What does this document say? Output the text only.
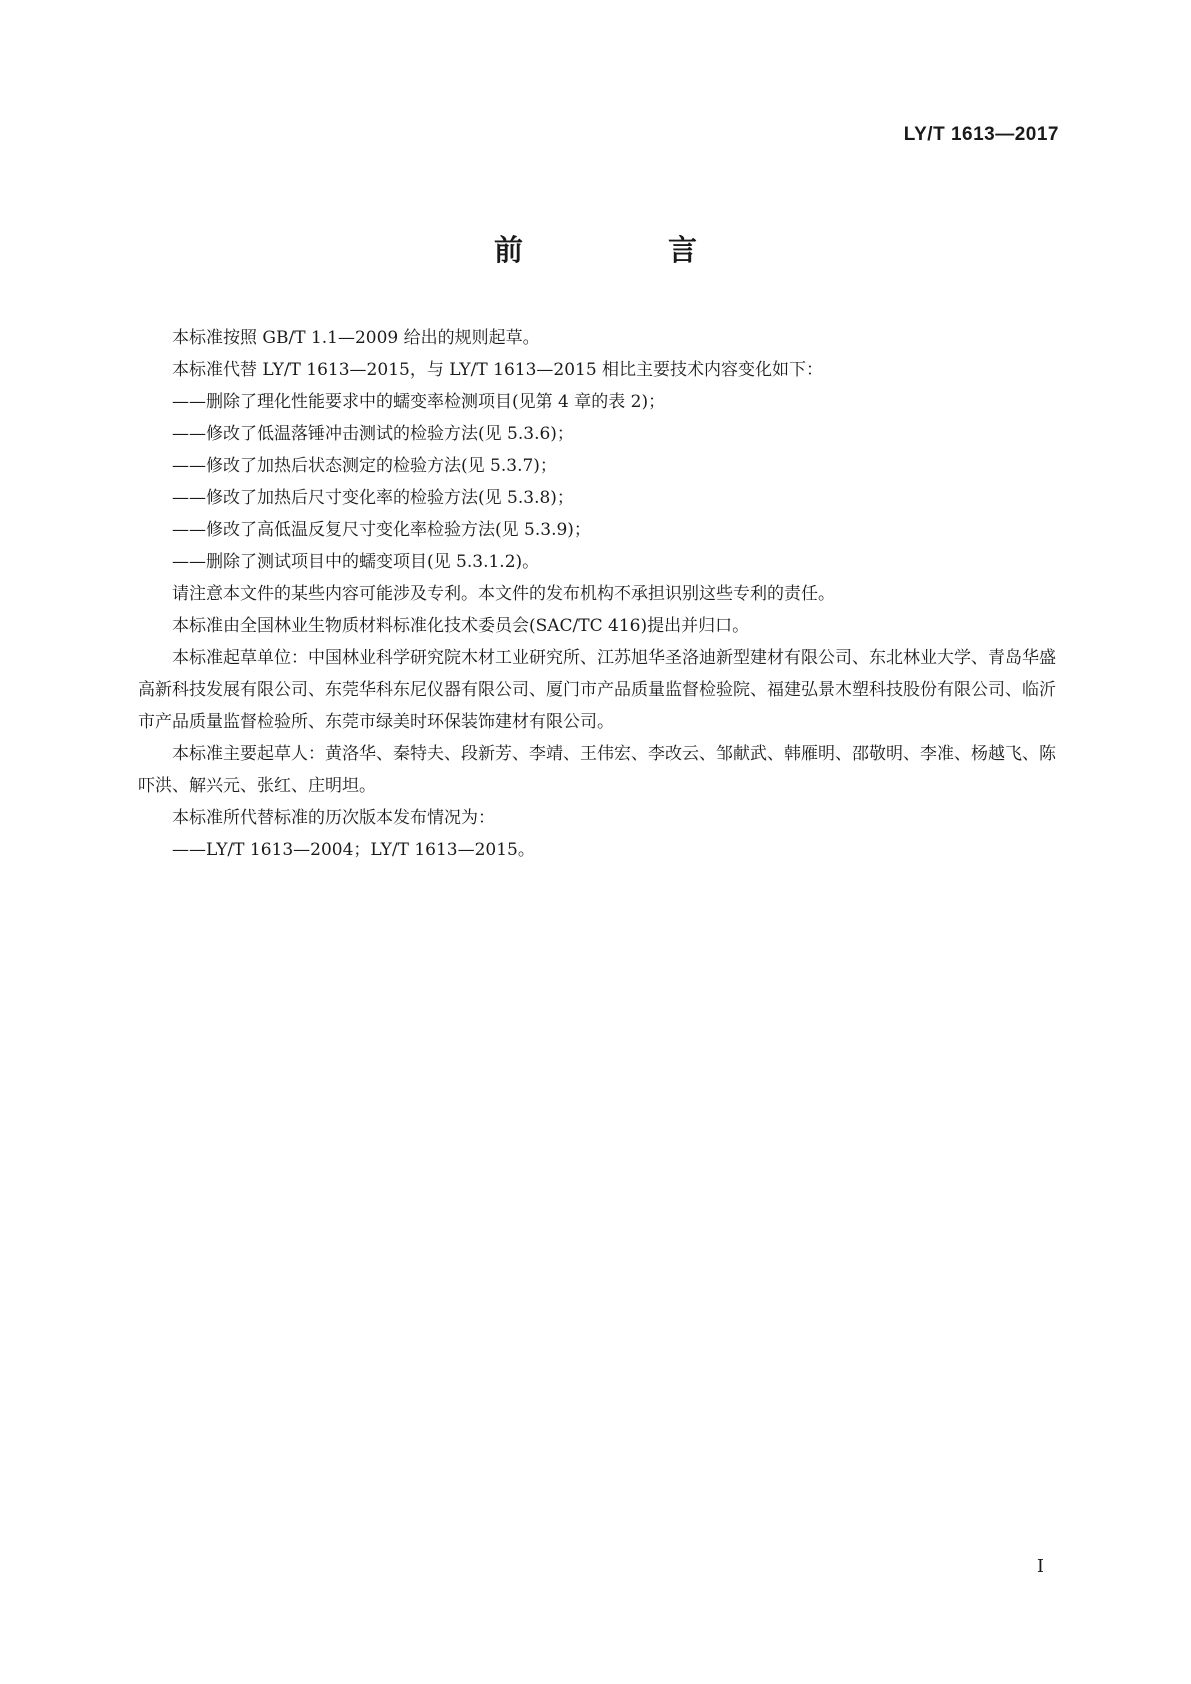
LY/T 1613—2017
前　言

本标准按照 GB/T 1.1—2009 给出的规则起草。

本标准代替 LY/T 1613—2015，与 LY/T 1613—2015 相比主要技术内容变化如下：

——删除了理化性能要求中的蠕变率检测项目(见第 4 章的表 2)；

——修改了低温落锤冲击测试的检验方法(见 5.3.6)；

——修改了加热后状态测定的检验方法(见 5.3.7)；

——修改了加热后尺寸变化率的检验方法(见 5.3.8)；

——修改了高低温反复尺寸变化率检验方法(见 5.3.9)；

——删除了测试项目中的蠕变项目(见 5.3.1.2)。

请注意本文件的某些内容可能涉及专利。本文件的发布机构不承担识别这些专利的责任。

本标准由全国林业生物质材料标准化技术委员会(SAC/TC 416)提出并归口。

本标准起草单位：中国林业科学研究院木材工业研究所、江苏旭华圣洛迪新型建材有限公司、东北林业大学、青岛华盛高新科技发展有限公司、东莞华科东尼仪器有限公司、厦门市产品质量监督检验院、福建弘景木塑科技股份有限公司、临沂市产品质量监督检验所、东莞市绿美时环保装饰建材有限公司。

本标准主要起草人：黄洛华、秦特夫、段新芳、李靖、王伟宏、李改云、邹献武、韩雁明、邵敬明、李准、杨越飞、陈吓洪、解兴元、张红、庄明坦。

本标准所代替标准的历次版本发布情况为：

——LY/T 1613—2004；LY/T 1613—2015。

I
